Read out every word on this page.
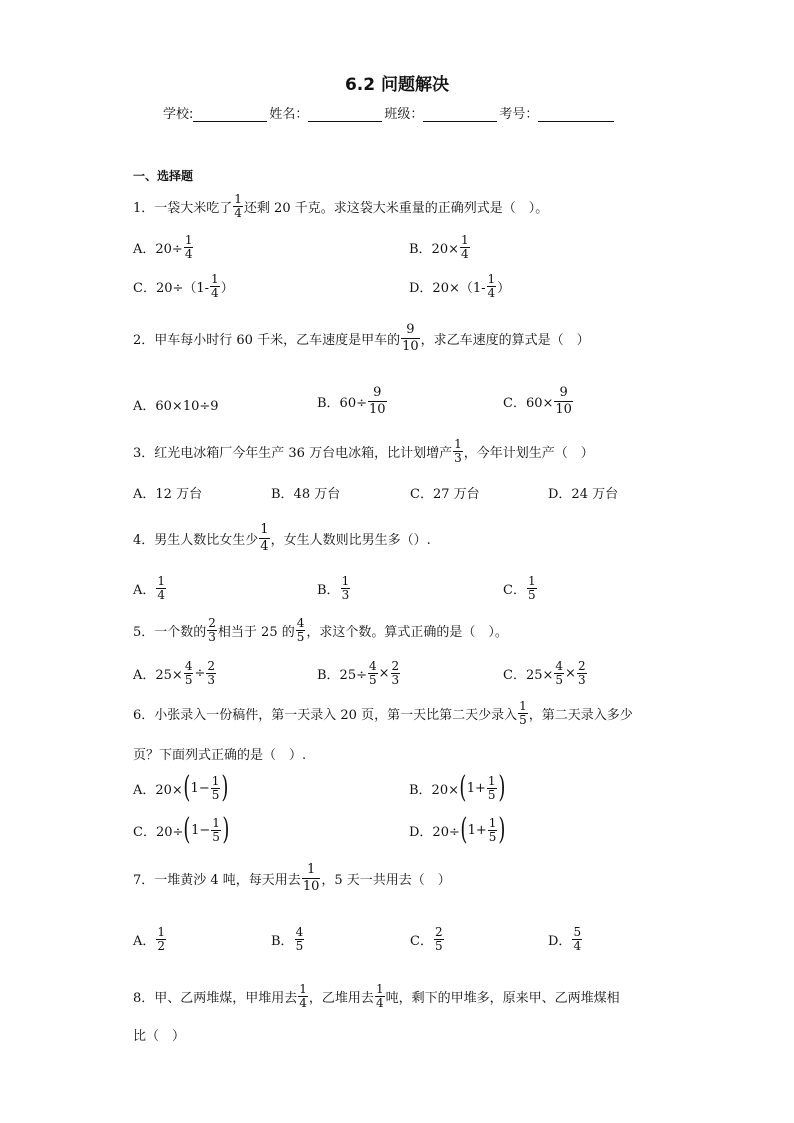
6.2 问题解决
学校:	姓名：	班级：	考号：
一、选择题
1．一袋大米吃了 $\frac{1}{4}$ 还剩 20 千克。求这袋大米重量的正确列式是（　）。
A．$20\div \frac{1}{4}$	B．$20\times \frac{1}{4}$
C．$20\div(1- \frac{1}{4}$ ）	D．$20\times(1- \frac{1}{4}$ ）
2．甲车每小时行 60 千米，乙车速度是甲车的 $\frac{9}{10}$ ，求乙车速度的算式是（　）
A．60×10÷9	B．$60\div \frac{9}{10}$	C．$60\times \frac{9}{10}$
3．红光电冰箱厂今年生产 36 万台电冰箱，比计划增产 $\frac{1}{3}$ ，今年计划生产（　）
A．12 万台	B．48 万台	C．27 万台	D．24 万台
4．男生人数比女生少 $\frac{1}{4}$ ，女生人数则比男生多（）.
A． $\frac{1}{4}$	B． $\frac{1}{3}$	C． $\frac{1}{5}$
5．一个数的 $\frac{2}{3}$ 相当于 25 的 $\frac{4}{5}$ ，求这个数。算式正确的是（　）。
A．$25\times \frac{4}{5} \div \frac{2}{3}$	B．$25\div \frac{4}{5} \times \frac{2}{3}$	C．$25\times \frac{4}{5} \times \frac{2}{3}$
6．小张录入一份稿件，第一天录入 20 页，第一天比第二天少录入 $\frac{1}{5}$ ，第二天录入多少
页？下面列式正确的是（　）.
A．20× ( $1- \frac{1}{5}$ )	B．20× ( $1+ \frac{1}{5}$ )
C．20÷ ( $1- \frac{1}{5}$ )	D．20÷ ( $1+ \frac{1}{5}$ )
7．一堆黄沙 4 吨，每天用去 $\frac{1}{10}$ ，5 天一共用去（　）
A． $\frac{1}{2}$	B． $\frac{4}{5}$	C． $\frac{2}{5}$	D． $\frac{5}{4}$
8．甲、乙两堆煤，甲堆用去 $\frac{1}{4}$ ，乙堆用去 $\frac{1}{4}$ 吨，剩下的甲堆多，原来甲、乙两堆煤相
比（　）
